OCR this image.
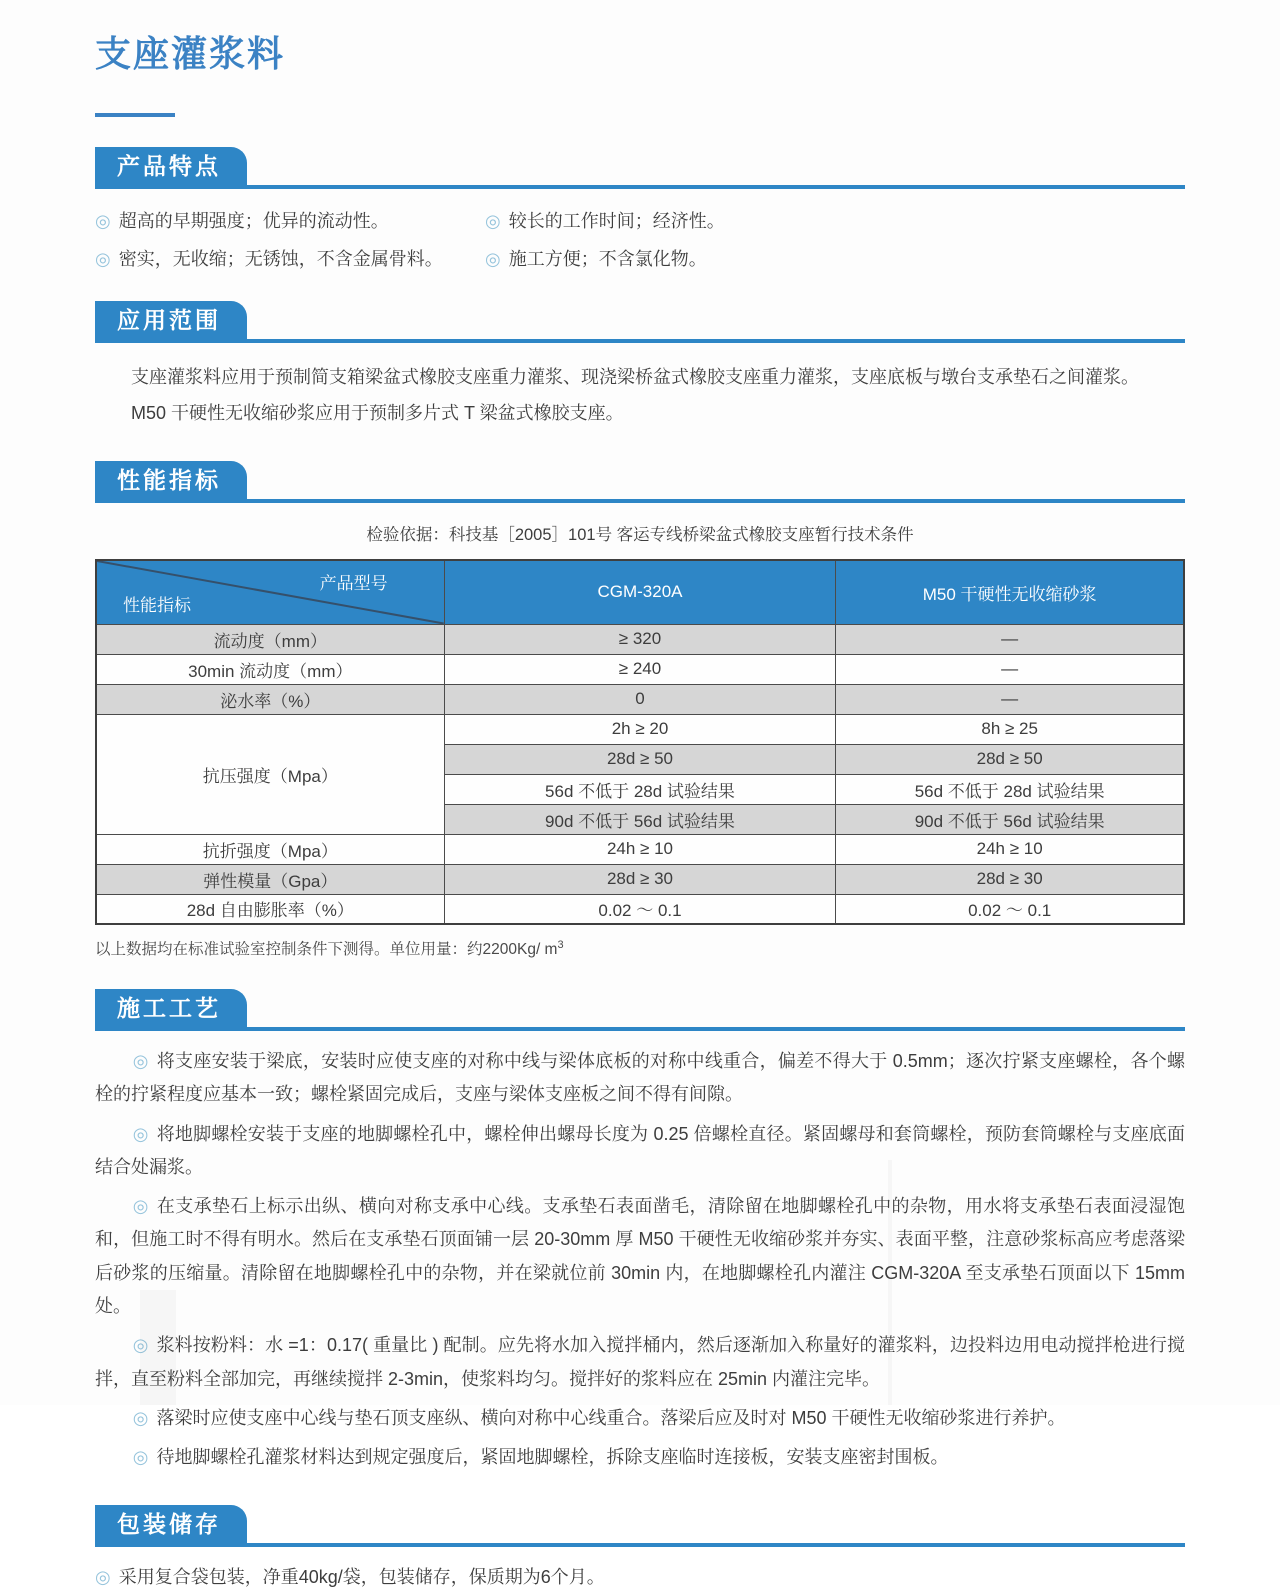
支座灌浆料
产品特点
◎ 超高的早期强度；优异的流动性。
◎ 密实，无收缩；无锈蚀，不含金属骨料。
◎ 较长的工作时间；经济性。
◎ 施工方便；不含氯化物。
应用范围
支座灌浆料应用于预制简支箱梁盆式橡胶支座重力灌浆、现浇梁桥盆式橡胶支座重力灌浆，支座底板与墩台支承垫石之间灌浆。
M50 干硬性无收缩砂浆应用于预制多片式 T 梁盆式橡胶支座。
性能指标
检验依据：科技基［2005］101号 客运专线桥梁盆式橡胶支座暂行技术条件
产品型号
性能指标	CGM-320A	M50 干硬性无收缩砂浆
流动度（mm）	≥ 320	—
30min 流动度（mm）	≥ 240	—
泌水率（%）	0	—
抗压强度（Mpa）	2h ≥ 20	8h ≥ 25
	28d ≥ 50	28d ≥ 50
	56d 不低于 28d 试验结果	56d 不低于 28d 试验结果
	90d 不低于 56d 试验结果	90d 不低于 56d 试验结果
抗折强度（Mpa）	24h ≥ 10	24h ≥ 10
弹性模量（Gpa）	28d ≥ 30	28d ≥ 30
28d 自由膨胀率（%）	0.02 ～ 0.1	0.02 ～ 0.1
以上数据均在标准试验室控制条件下测得。单位用量：约2200Kg/ $m^3$
施工工艺

◎ 将支座安装于梁底，安装时应使支座的对称中线与梁体底板的对称中线重合，偏差不得大于 0.5mm；逐次拧紧支座螺栓，各个螺栓的拧紧程度应基本一致；螺栓紧固完成后，支座与梁体支座板之间不得有间隙。

◎ 将地脚螺栓安装于支座的地脚螺栓孔中，螺栓伸出螺母长度为 0.25 倍螺栓直径。紧固螺母和套筒螺栓，预防套筒螺栓与支座底面结合处漏浆。

◎ 在支承垫石上标示出纵、横向对称支承中心线。支承垫石表面凿毛，清除留在地脚螺栓孔中的杂物，用水将支承垫石表面浸湿饱和，但施工时不得有明水。然后在支承垫石顶面铺一层 20-30mm 厚 M50 干硬性无收缩砂浆并夯实、表面平整，注意砂浆标高应考虑落梁后砂浆的压缩量。清除留在地脚螺栓孔中的杂物，并在梁就位前 30min 内，在地脚螺栓孔内灌注 CGM-320A 至支承垫石顶面以下 15mm 处。

◎ 浆料按粉料：水 =1：0.17( 重量比 ) 配制。应先将水加入搅拌桶内，然后逐渐加入称量好的灌浆料，边投料边用电动搅拌枪进行搅拌，直至粉料全部加完，再继续搅拌 2-3min，使浆料均匀。搅拌好的浆料应在 25min 内灌注完毕。

◎ 落梁时应使支座中心线与垫石顶支座纵、横向对称中心线重合。落梁后应及时对 M50 干硬性无收缩砂浆进行养护。

◎ 待地脚螺栓孔灌浆材料达到规定强度后，紧固地脚螺栓，拆除支座临时连接板，安装支座密封围板。

包装储存
◎ 采用复合袋包装，净重40kg/袋，包装储存，保质期为6个月。
